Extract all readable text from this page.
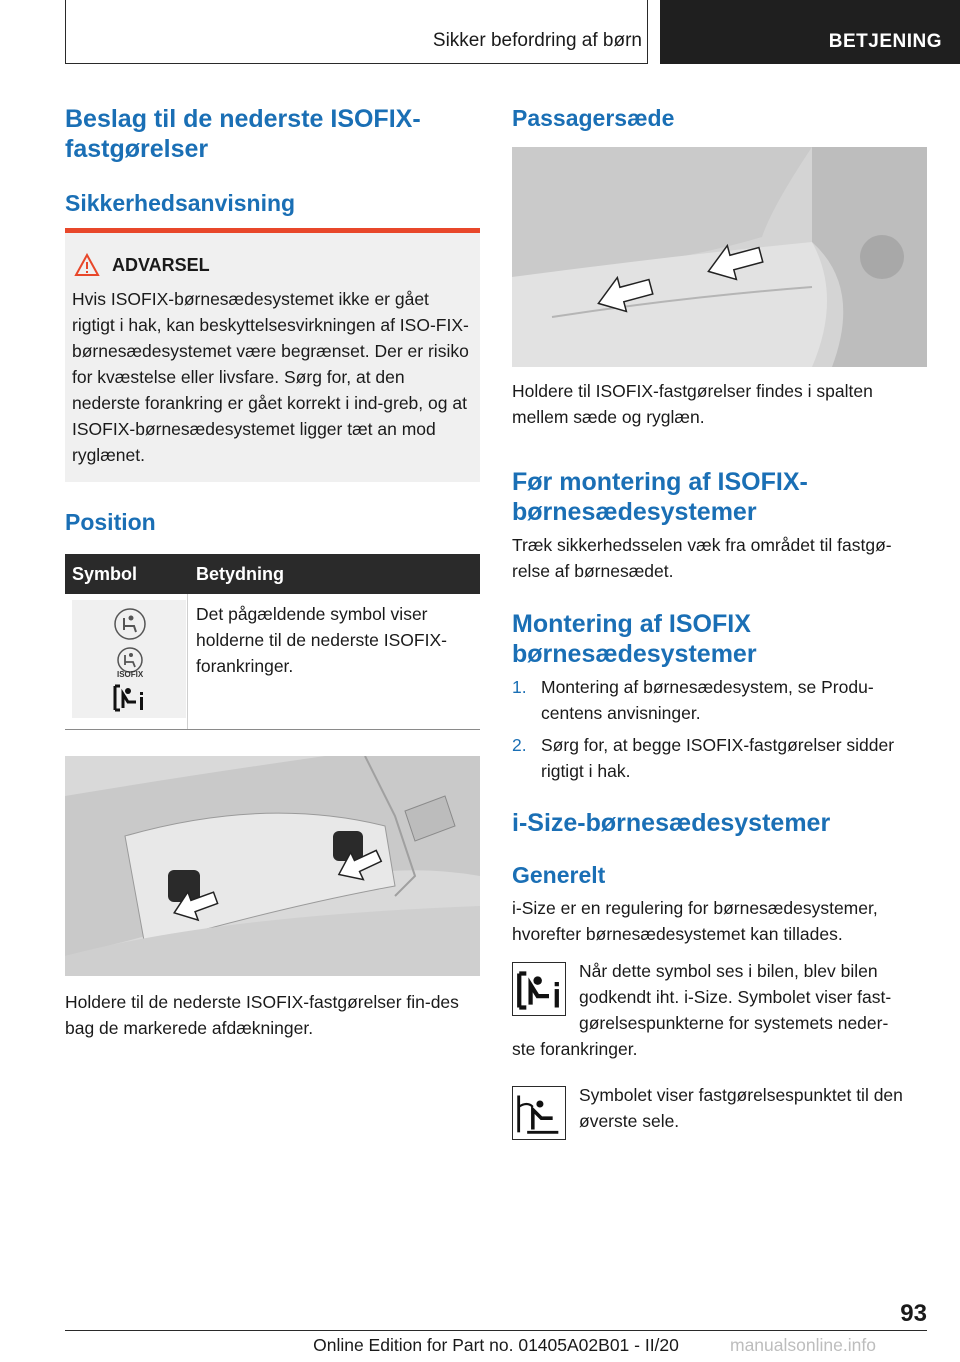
Sikker befordring af børn	BETJENING
Beslag til de nederste ISOFIX-fastgørelser
Sikkerhedsanvisning
ADVARSEL
Hvis ISOFIX-børnesædesystemet ikke er gået rigtigt i hak, kan beskyttelsesvirkningen af ISO-FIX-børnesædesystemet være begrænset. Der er risiko for kvæstelse eller livsfare. Sørg for, at den nederste forankring er gået korrekt i ind-greb, og at ISOFIX-børnesædesystemet ligger tæt an mod ryglænet.
Position
Symbol	Betydning
ISOFIX
Det pågældende symbol viser holderne til de nederste ISOFIX-forankringer.
Holdere til de nederste ISOFIX-fastgørelser fin-des bag de markerede afdækninger.
Passagersæde
Holdere til ISOFIX-fastgørelser findes i spalten mellem sæde og ryglæn.
Før montering af ISOFIX-børnesædesystemer
Træk sikkerhedsselen væk fra området til fastgø-relse af børnesædet.
Montering af ISOFIX børnesædesystemer
1. Montering af børnesædesystem, se Produ-centens anvisninger.
2. Sørg for, at begge ISOFIX-fastgørelser sidder rigtigt i hak.
i-Size-børnesædesystemer
Generelt
i-Size er en regulering for børnesædesystemer, hvorefter børnesædesystemet kan tillades.
Når dette symbol ses i bilen, blev bilen godkendt iht. i-Size. Symbolet viser fast-gørelsespunkterne for systemets neder-
ste forankringer.
Symbolet viser fastgørelsespunktet til den øverste sele.
93
Online Edition for Part no. 01405A02B01 - II/20	manualsonline.info
